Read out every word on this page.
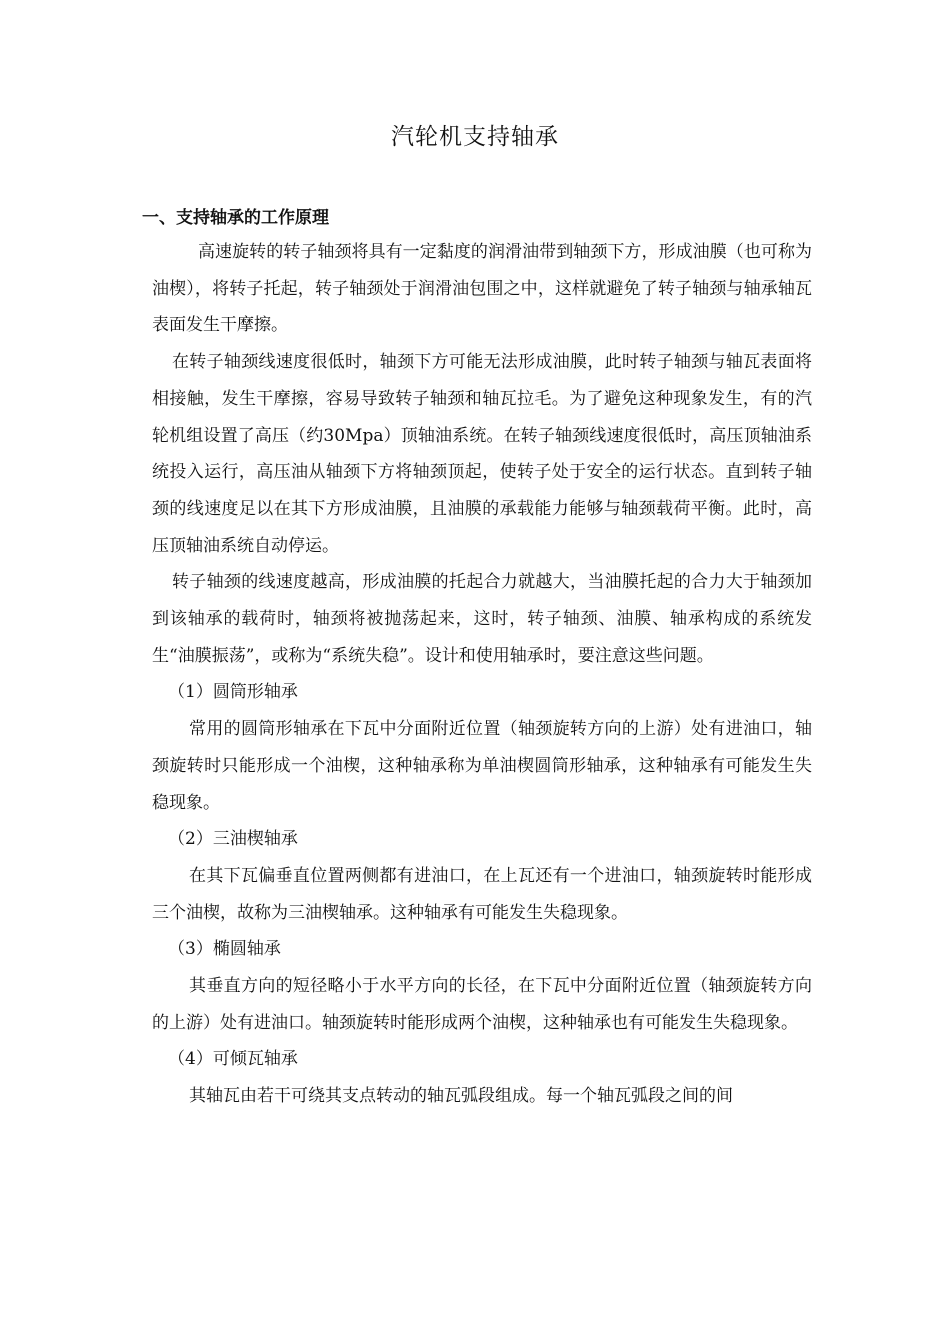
汽轮机支持轴承
一、支持轴承的工作原理

高速旋转的转子轴颈将具有一定黏度的润滑油带到轴颈下方，形成油膜（也可称为油楔），将转子托起，转子轴颈处于润滑油包围之中，这样就避免了转子轴颈与轴承轴瓦表面发生干摩擦。

在转子轴颈线速度很低时，轴颈下方可能无法形成油膜，此时转子轴颈与轴瓦表面将相接触，发生干摩擦，容易导致转子轴颈和轴瓦拉毛。为了避免这种现象发生，有的汽轮机组设置了高压（约30Mpa）顶轴油系统。在转子轴颈线速度很低时，高压顶轴油系统投入运行，高压油从轴颈下方将轴颈顶起，使转子处于安全的运行状态。直到转子轴颈的线速度足以在其下方形成油膜，且油膜的承载能力能够与轴颈载荷平衡。此时，高压顶轴油系统自动停运。

转子轴颈的线速度越高，形成油膜的托起合力就越大，当油膜托起的合力大于轴颈加到该轴承的载荷时，轴颈将被抛荡起来，这时，转子轴颈、油膜、轴承构成的系统发生“油膜振荡”，或称为“系统失稳”。设计和使用轴承时，要注意这些问题。

（1）圆筒形轴承

常用的圆筒形轴承在下瓦中分面附近位置（轴颈旋转方向的上游）处有进油口，轴颈旋转时只能形成一个油楔，这种轴承称为单油楔圆筒形轴承，这种轴承有可能发生失稳现象。

（2）三油楔轴承

在其下瓦偏垂直位置两侧都有进油口，在上瓦还有一个进油口，轴颈旋转时能形成三个油楔，故称为三油楔轴承。这种轴承有可能发生失稳现象。

（3）椭圆轴承

其垂直方向的短径略小于水平方向的长径，在下瓦中分面附近位置（轴颈旋转方向的上游）处有进油口。轴颈旋转时能形成两个油楔，这种轴承也有可能发生失稳现象。

（4）可倾瓦轴承

其轴瓦由若干可绕其支点转动的轴瓦弧段组成。每一个轴瓦弧段之间的间
